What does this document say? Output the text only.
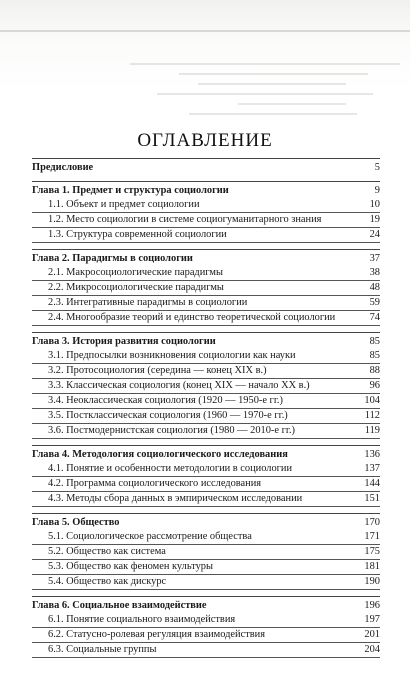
ОГЛАВЛЕНИЕ
Предисловие	5
Глава 1. Предмет и структура социологии	9
1.1. Объект и предмет социологии	10
1.2. Место социологии в системе социогуманитарного знания	19
1.3. Структура современной социологии	24
Глава 2. Парадигмы в социологии	37
2.1. Макросоциологические парадигмы	38
2.2. Микросоциологические парадигмы	48
2.3. Интегративные парадигмы в социологии	59
2.4. Многообразие теорий и единство теоретической социологии	74
Глава 3. История развития социологии	85
3.1. Предпосылки возникновения социологии как науки	85
3.2. Протосоциология (середина — конец XIX в.)	88
3.3. Классическая социология (конец XIX — начало XX в.)	96
3.4. Неоклассическая социология (1920 — 1950-е гг.)	104
3.5. Постклассическая социология (1960 — 1970-е гг.)	112
3.6. Постмодернистская социология (1980 — 2010-е гг.)	119
Глава 4. Методология социологического исследования	136
4.1. Понятие и особенности методологии в социологии	137
4.2. Программа социологического исследования	144
4.3. Методы сбора данных в эмпирическом исследовании	151
Глава 5. Общество	170
5.1. Социологическое рассмотрение общества	171
5.2. Общество как система	175
5.3. Общество как феномен культуры	181
5.4. Общество как дискурс	190
Глава 6. Социальное взаимодействие	196
6.1. Понятие социального взаимодействия	197
6.2. Статусно-ролевая регуляция взаимодействия	201
6.3. Социальные группы	204
